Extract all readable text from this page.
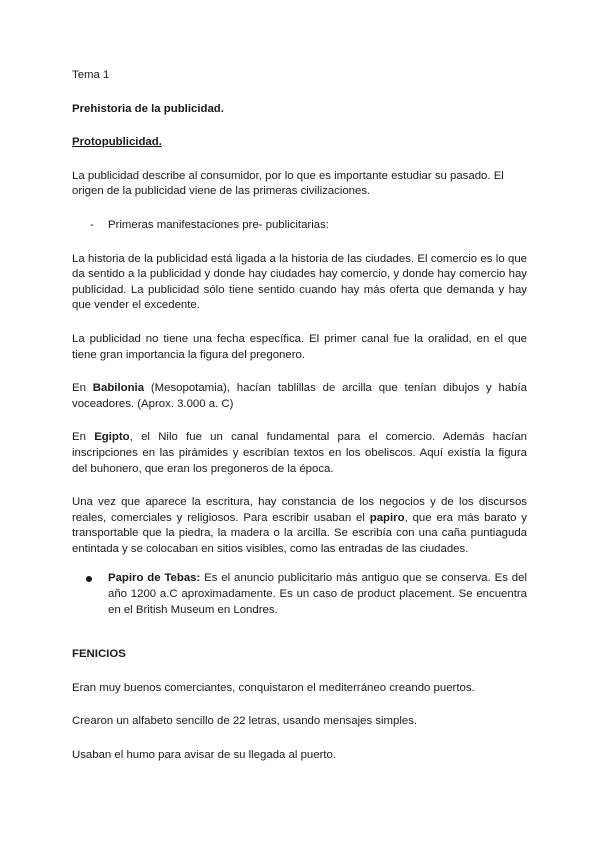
Tema 1

Prehistoria de la publicidad.

Protopublicidad.

La publicidad describe al consumidor, por lo que es importante estudiar su pasado. El origen de la publicidad viene de las primeras civilizaciones.

- Primeras manifestaciones pre- publicitarias:

La historia de la publicidad está ligada a la historia de las ciudades. El comercio es lo que da sentido a la publicidad y donde hay ciudades hay comercio, y donde hay comercio hay publicidad. La publicidad sólo tiene sentido cuando hay más oferta que demanda y hay que vender el excedente.

La publicidad no tiene una fecha específica. El primer canal fue la oralidad, en el que tiene gran importancia la figura del pregonero.

En Babilonia (Mesopotamia), hacían tablillas de arcilla que tenían dibujos y había voceadores. (Aprox. 3.000 a. C)

En Egipto, el Nilo fue un canal fundamental para el comercio. Además hacían inscripciones en las pirámides y escribían textos en los obeliscos. Aquí existía la figura del buhonero, que eran los pregoneros de la época.

Una vez que aparece la escritura, hay constancia de los negocios y de los discursos reales, comerciales y religiosos. Para escribir usaban el papiro, que era más barato y transportable que la piedra, la madera o la arcilla. Se escribía con una caña puntiaguda entintada y se colocaban en sitios visibles, como las entradas de las ciudades.

Papiro de Tebas: Es el anuncio publicitario más antiguo que se conserva. Es del año 1200 a.C aproximadamente. Es un caso de product placement. Se encuentra en el British Museum en Londres.

FENICIOS

Eran muy buenos comerciantes, conquistaron el mediterráneo creando puertos.

Crearon un alfabeto sencillo de 22 letras, usando mensajes simples.

Usaban el humo para avisar de su llegada al puerto.
